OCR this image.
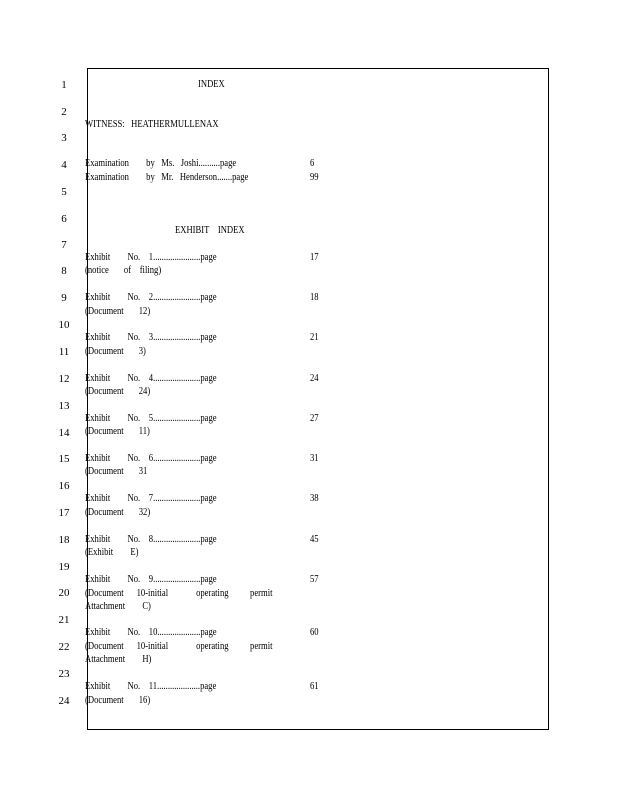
1
2
3
4
5
6
7
8
9
10
11
12
13
14
15
16
17
18
19
20
21
22
23
24
INDEX
WITNESS:   HEATHERMULLENAX
Examination        by   Ms.   Joshi..........page	6
Examination        by   Mr.   Henderson.......page	99
EXHIBIT    INDEX
Exhibit        No.    1......................page	17
(notice       of    filing)
Exhibit        No.    2......................page	18
(Document       12)
Exhibit        No.    3......................page	21
(Document       3)
Exhibit        No.    4......................page	24
(Document       24)
Exhibit        No.    5......................page	27
(Document       11)
Exhibit        No.    6......................page	31
(Document       31
Exhibit        No.    7......................page	38
(Document       32)
Exhibit        No.    8......................page	45
(Exhibit        E)
Exhibit        No.    9......................page	57
(Document      10-initial             operating          permit
Attachment        C)
Exhibit        No.    10....................page	60
(Document      10-initial             operating          permit
Attachment        H)
Exhibit        No.    11....................page	61
(Document       16)
